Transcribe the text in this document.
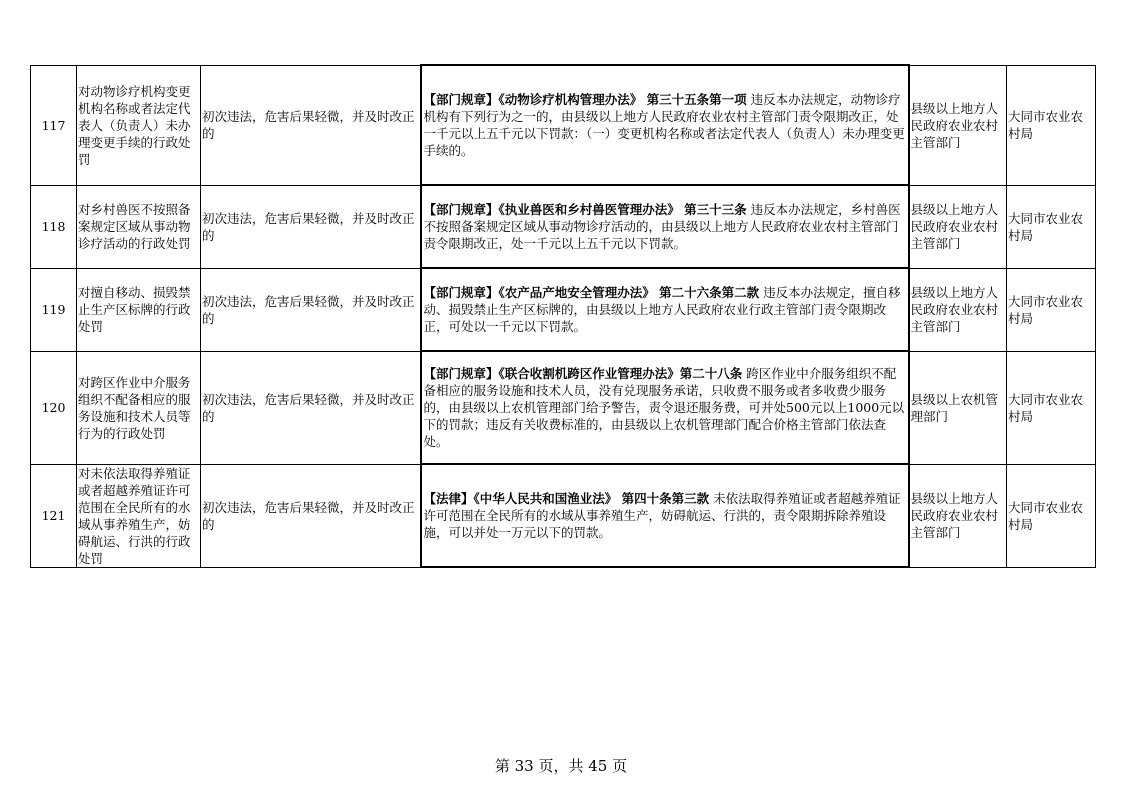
117	对动物诊疗机构变更机构名称或者法定代表人（负责人）未办理变更手续的行政处罚	初次违法，危害后果轻微，并及时改正的	【部门规章】《动物诊疗机构管理办法》 第三十五条第一项 违反本办法规定，动物诊疗机构有下列行为之一的，由县级以上地方人民政府农业农村主管部门责令限期改正，处一千元以上五千元以下罚款：（一）变更机构名称或者法定代表人（负责人）未办理变更手续的。	县级以上地方人民政府农业农村主管部门	大同市农业农村局
118	对乡村兽医不按照备案规定区域从事动物诊疗活动的行政处罚	初次违法，危害后果轻微，并及时改正的	【部门规章】《执业兽医和乡村兽医管理办法》 第三十三条 违反本办法规定，乡村兽医不按照备案规定区域从事动物诊疗活动的，由县级以上地方人民政府农业农村主管部门责令限期改正，处一千元以上五千元以下罚款。	县级以上地方人民政府农业农村主管部门	大同市农业农村局
119	对擅自移动、损毁禁止生产区标牌的行政处罚	初次违法，危害后果轻微，并及时改正的	【部门规章】《农产品产地安全管理办法》 第二十六条第二款 违反本办法规定，擅自移动、损毁禁止生产区标牌的，由县级以上地方人民政府农业行政主管部门责令限期改正，可处以一千元以下罚款。	县级以上地方人民政府农业农村主管部门	大同市农业农村局
120	对跨区作业中介服务组织不配备相应的服务设施和技术人员等行为的行政处罚	初次违法，危害后果轻微，并及时改正的	【部门规章】《联合收割机跨区作业管理办法》第二十八条 跨区作业中介服务组织不配备相应的服务设施和技术人员，没有兑现服务承诺，只收费不服务或者多收费少服务的，由县级以上农机管理部门给予警告，责令退还服务费，可并处500元以上1000元以下的罚款；违反有关收费标准的，由县级以上农机管理部门配合价格主管部门依法查处。	县级以上农机管理部门	大同市农业农村局
121	对未依法取得养殖证或者超越养殖证许可范围在全民所有的水域从事养殖生产，妨碍航运、行洪的行政处罚	初次违法，危害后果轻微，并及时改正的	【法律】《中华人民共和国渔业法》 第四十条第三款 未依法取得养殖证或者超越养殖证许可范围在全民所有的水域从事养殖生产，妨碍航运、行洪的，责令限期拆除养殖设施，可以并处一万元以下的罚款。	县级以上地方人民政府农业农村主管部门	大同市农业农村局
第 33 页，共 45 页
